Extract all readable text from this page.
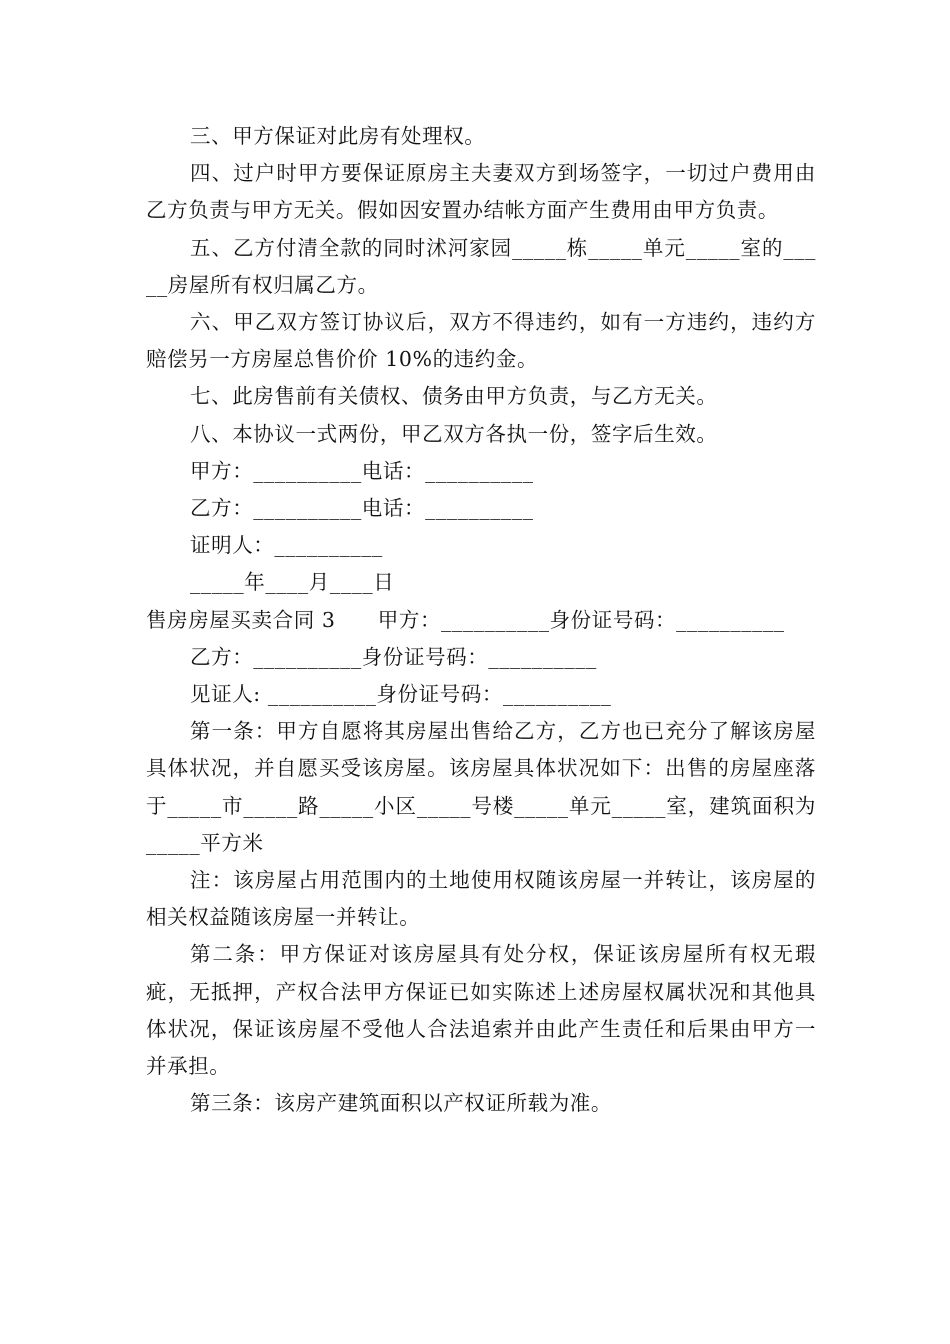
三、甲方保证对此房有处理权。

四、过户时甲方要保证原房主夫妻双方到场签字，一切过户费用由乙方负责与甲方无关。假如因安置办结帐方面产生费用由甲方负责。

五、乙方付清全款的同时沭河家园_____栋_____单元_____室的_____房屋所有权归属乙方。

六、甲乙双方签订协议后，双方不得违约，如有一方违约，违约方赔偿另一方房屋总售价价 10%的违约金。

七、此房售前有关债权、债务由甲方负责，与乙方无关。

八、本协议一式两份，甲乙双方各执一份，签字后生效。

甲方：__________电话：__________

乙方：__________电话：__________

证明人：__________

_____年____月____日

售房房屋买卖合同 3　　甲方：__________身份证号码：__________

乙方：__________身份证号码：__________

见证人: __________身份证号码：__________

第一条：甲方自愿将其房屋出售给乙方，乙方也已充分了解该房屋具体状况，并自愿买受该房屋。该房屋具体状况如下：出售的房屋座落于_____市_____路_____小区_____号楼_____单元_____室，建筑面积为_____平方米

注：该房屋占用范围内的土地使用权随该房屋一并转让，该房屋的相关权益随该房屋一并转让。

第二条：甲方保证对该房屋具有处分权，保证该房屋所有权无瑕疵，无抵押，产权合法甲方保证已如实陈述上述房屋权属状况和其他具体状况，保证该房屋不受他人合法追索并由此产生责任和后果由甲方一并承担。

第三条：该房产建筑面积以产权证所载为准。
